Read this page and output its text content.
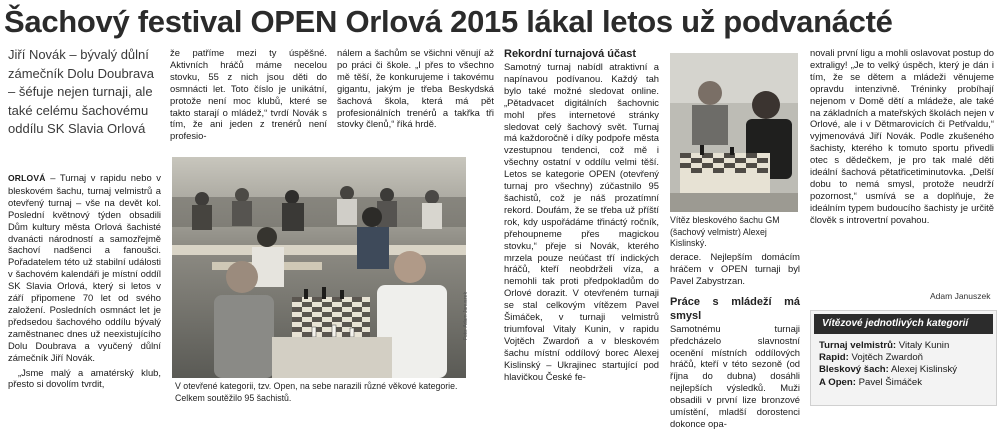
Šachový festival OPEN Orlová 2015 lákal letos už podvanácté
Jiří Novák – bývalý důlní zámečník Dolu Doubrava – šéfuje nejen turnaji, ale také celému šachovému oddílu SK Slavia Orlová

ORLOVÁ – Turnaj v rapidu nebo v bleskovém šachu, turnaj velmistrů a otevřený turnaj – vše na devět kol. Poslední květnový týden obsadili Dům kultury města Orlová šachisté dvanácti národností a samozřejmě šachoví nadšenci a fanoušci. Pořadatelem této už stabilní události v šachovém kalendáři je místní oddíl SK Slavia Orlová, který si letos v září připomene 70 let od svého založení. Posledních osmnáct let je předsedou šachového oddílu bývalý zaměstnanec dnes už neexistujícího Dolu Doubrava a vyučený důlní zámečník Jiří Novák.

„Jsme malý a amatérský klub, přesto si dovolím tvrdit,

že patříme mezi ty úspěšné. Aktivních hráčů máme necelou stovku, 55 z nich jsou děti do osmnácti let. Toto číslo je unikátní, protože není moc klubů, které se takto starají o mládež,“ tvrdí Novák s tím, že ani jeden z trenérů není profesio-
nálem a šachům se všichni věnují až po práci či škole. „I přes to všechno mě těší, že konkurujeme i takovému gigantu, jakým je třeba Beskydská šachová škola, která má pět profesionálních trenérů a takřka tři stovky členů,“ říká hrdě.
Foto: Adam Januszek
V otevřené kategorii, tzv. Open, na sebe narazili různé věkové kategorie. Celkem soutěžilo 95 šachistů.

Rekordní turnajová účast

Samotný turnaj nabídl atraktivní a napínavou podívanou. Každý tah bylo také možné sledovat online. „Pětadvacet digitálních šachovnic mohl přes internetové stránky sledovat celý šachový svět. Turnaj má každoročně i díky podpoře města vzestupnou tendenci, což mě i všechny ostatní v oddílu velmi těší. Letos se kategorie OPEN (otevřený turnaj pro všechny) zúčastnilo 95 šachistů, což je náš prozatímní rekord. Doufám, že se třeba už příští rok, kdy uspořádáme třináctý ročník, přehoupneme přes magickou stovku,“ přeje si Novák, kterého mrzela pouze neúčast tří indických hráčů, kteří neobdrželi víza, a nemohli tak proti předpokladům do Orlové dorazit. V otevřeném turnaji se stal celkovým vítězem Pavel Šimáček, v turnaji velmistrů triumfoval Vitaly Kunin, v rapidu Vojtěch Zwardoň a v bleskovém šachu místní oddílový borec Alexej Kislinský – Ukrajinec startující pod hlavičkou České fe-

Vítěz bleskového šachu GM (šachový velmistr) Alexej Kislinský.

derace. Nejlepším domácím hráčem v OPEN turnaji byl Pavel Zabystrzan.

Práce s mládeží má smysl

Samotnému turnaji předcházelo slavnostní ocenění místních oddílových hráčů, kteří v této sezoně (od října do dubna) dosáhli nejlepších výsledků. Muži obsadili v první lize bronzové umístění, mladší dorostenci dokonce opa-

novali první ligu a mohli oslavovat postup do extraligy! „Je to velký úspěch, který je dán i tím, že se dětem a mládeži věnujeme opravdu intenzivně. Tréninky probíhají nejenom v Domě dětí a mládeže, ale také na základních a mateřských školách nejen v Orlové, ale i v Dětmarovicích či Petřvaldu,“ vyjmenovává Jiří Novák. Podle zkušeného šachisty, kterého k tomuto sportu přivedli otec s dědečkem, je pro tak malé děti ideální šachová pětatřicetiminutovka. „Delší dobu to nemá smysl, protože neudrží pozornost,“ usmívá se a doplňuje, že ideálním typem budoucího šachisty je určitě člověk s introvertní povahou.
Adam Januszek
Vítězové jednotlivých kategorií
Turnaj velmistrů: Vitaly Kunin
Rapid: Vojtěch Zwardoň
Bleskový šach: Alexej Kislinský
A Open: Pavel Šimáček
